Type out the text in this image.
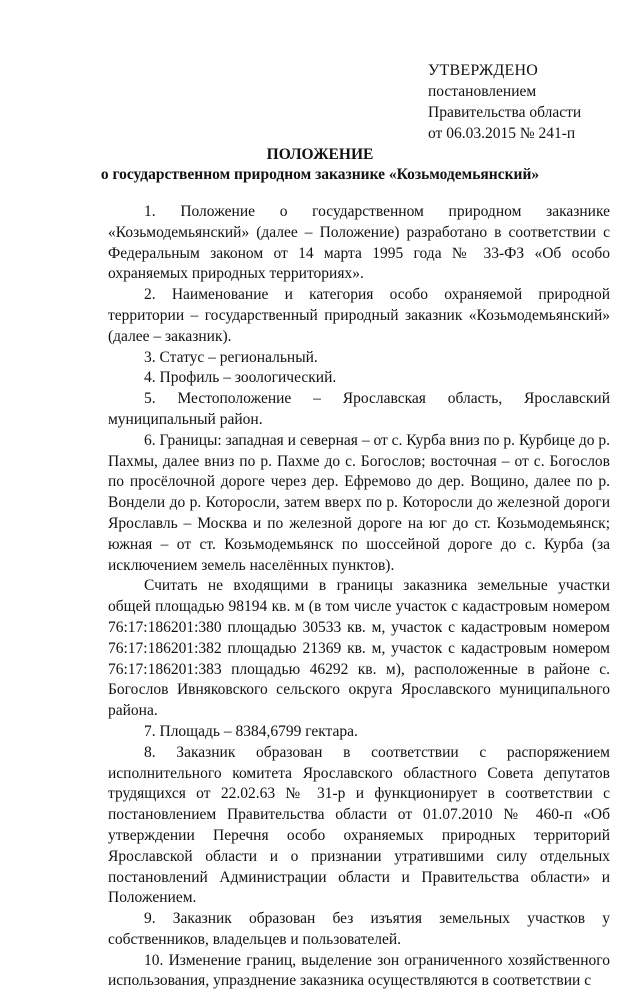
УТВЕРЖДЕНО
постановлением
Правительства области
от 06.03.2015 № 241-п
ПОЛОЖЕНИЕ
о государственном природном заказнике «Козьмодемьянский»

1. Положение о государственном природном заказнике «Козьмодемьянский» (далее – Положение) разработано в соответствии с Федеральным законом от 14 марта 1995 года № 33-ФЗ «Об особо охраняемых природных территориях».

2. Наименование и категория особо охраняемой природной территории – государственный природный заказник «Козьмодемьянский» (далее – заказник).

3. Статус – региональный.

4. Профиль – зоологический.

5. Местоположение – Ярославская область, Ярославский муниципальный район.

6. Границы: западная и северная – от с. Курба вниз по р. Курбице до р. Пахмы, далее вниз по р. Пахме до с. Богослов; восточная – от с. Богослов по просёлочной дороге через дер. Ефремово до дер. Вощино, далее по р. Вондели до р. Которосли, затем вверх по р. Которосли до железной дороги Ярославль – Москва и по железной дороге на юг до ст. Козьмодемьянск; южная – от ст. Козьмодемьянск по шоссейной дороге до с. Курба (за исключением земель населённых пунктов).

Считать не входящими в границы заказника земельные участки общей площадью 98194 кв. м (в том числе участок с кадастровым номером 76:17:186201:380 площадью 30533 кв. м, участок с кадастровым номером 76:17:186201:382 площадью 21369 кв. м, участок с кадастровым номером 76:17:186201:383 площадью 46292 кв. м), расположенные в районе с. Богослов Ивняковского сельского округа Ярославского муниципального района.

7. Площадь – 8384,6799 гектара.

8. Заказник образован в соответствии с распоряжением исполнительного комитета Ярославского областного Совета депутатов трудящихся от 22.02.63 № 31-р и функционирует в соответствии с постановлением Правительства области от 01.07.2010 № 460-п «Об утверждении Перечня особо охраняемых природных территорий Ярославской области и о признании утратившими силу отдельных постановлений Администрации области и Правительства области» и Положением.

9. Заказник образован без изъятия земельных участков у собственников, владельцев и пользователей.

10. Изменение границ, выделение зон ограниченного хозяйственного использования, упразднение заказника осуществляются в соответствии с
